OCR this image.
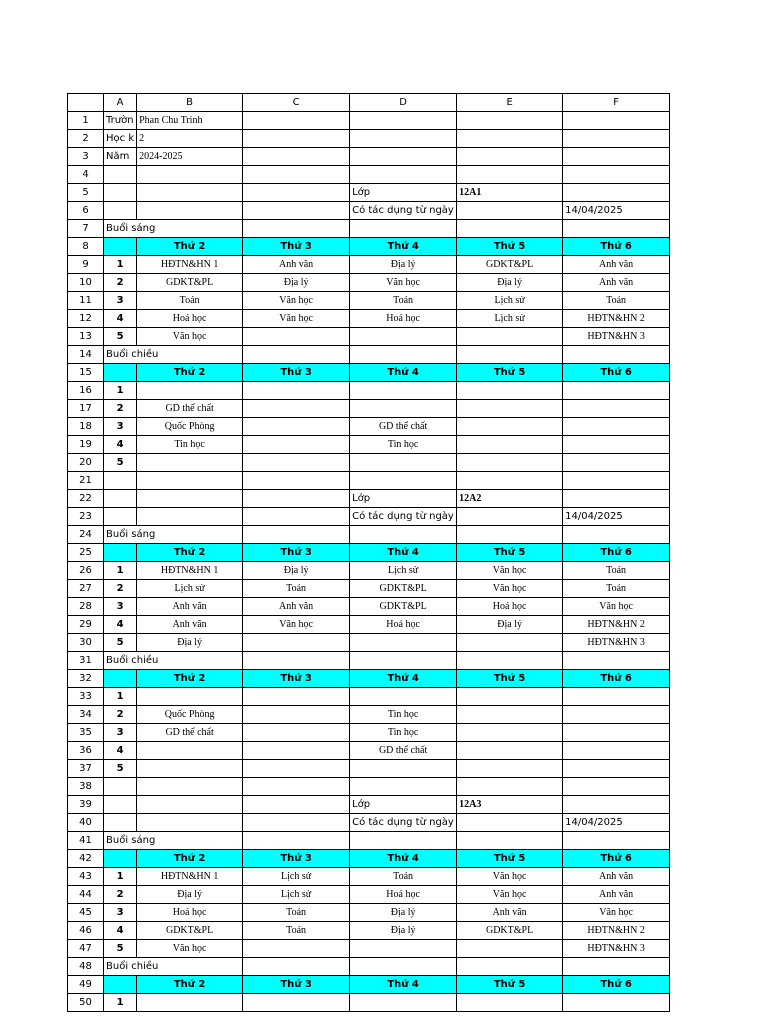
	A	B	C	D	E	F
1	Trườn	Phan Chu Trinh				
2	Học k	2				
3	Năm	2024-2025				
4						
5				Lớp	12A1	
6				Có tác dụng từ ngày		14/04/2025
7	Buổi sáng					
8		Thứ 2	Thứ 3	Thứ 4	Thứ 5	Thứ 6
9	1	HĐTN&HN 1	Anh văn	Địa lý	GDKT&PL	Anh văn
10	2	GDKT&PL	Địa lý	Văn học	Địa lý	Anh văn
11	3	Toán	Văn học	Toán	Lịch sử	Toán
12	4	Hoá học	Văn học	Hoá học	Lịch sử	HĐTN&HN 2
13	5	Văn học				HĐTN&HN 3
14	Buổi chiều					
15		Thứ 2	Thứ 3	Thứ 4	Thứ 5	Thứ 6
16	1					
17	2	GD thể chất				
18	3	Quốc Phòng		GD thể chất		
19	4	Tin học		Tin học		
20	5					
21						
22				Lớp	12A2	
23				Có tác dụng từ ngày		14/04/2025
24	Buổi sáng					
25		Thứ 2	Thứ 3	Thứ 4	Thứ 5	Thứ 6
26	1	HĐTN&HN 1	Địa lý	Lịch sử	Văn học	Toán
27	2	Lịch sử	Toán	GDKT&PL	Văn học	Toán
28	3	Anh văn	Anh văn	GDKT&PL	Hoá học	Văn học
29	4	Anh văn	Văn học	Hoá học	Địa lý	HĐTN&HN 2
30	5	Địa lý				HĐTN&HN 3
31	Buổi chiều					
32		Thứ 2	Thứ 3	Thứ 4	Thứ 5	Thứ 6
33	1					
34	2	Quốc Phòng		Tin học		
35	3	GD thể chất		Tin học		
36	4			GD thể chất		
37	5					
38						
39				Lớp	12A3	
40				Có tác dụng từ ngày		14/04/2025
41	Buổi sáng					
42		Thứ 2	Thứ 3	Thứ 4	Thứ 5	Thứ 6
43	1	HĐTN&HN 1	Lịch sử	Toán	Văn học	Anh văn
44	2	Địa lý	Lịch sử	Hoá học	Văn học	Anh văn
45	3	Hoá học	Toán	Địa lý	Anh văn	Văn học
46	4	GDKT&PL	Toán	Địa lý	GDKT&PL	HĐTN&HN 2
47	5	Văn học				HĐTN&HN 3
48	Buổi chiều					
49		Thứ 2	Thứ 3	Thứ 4	Thứ 5	Thứ 6
50	1					
